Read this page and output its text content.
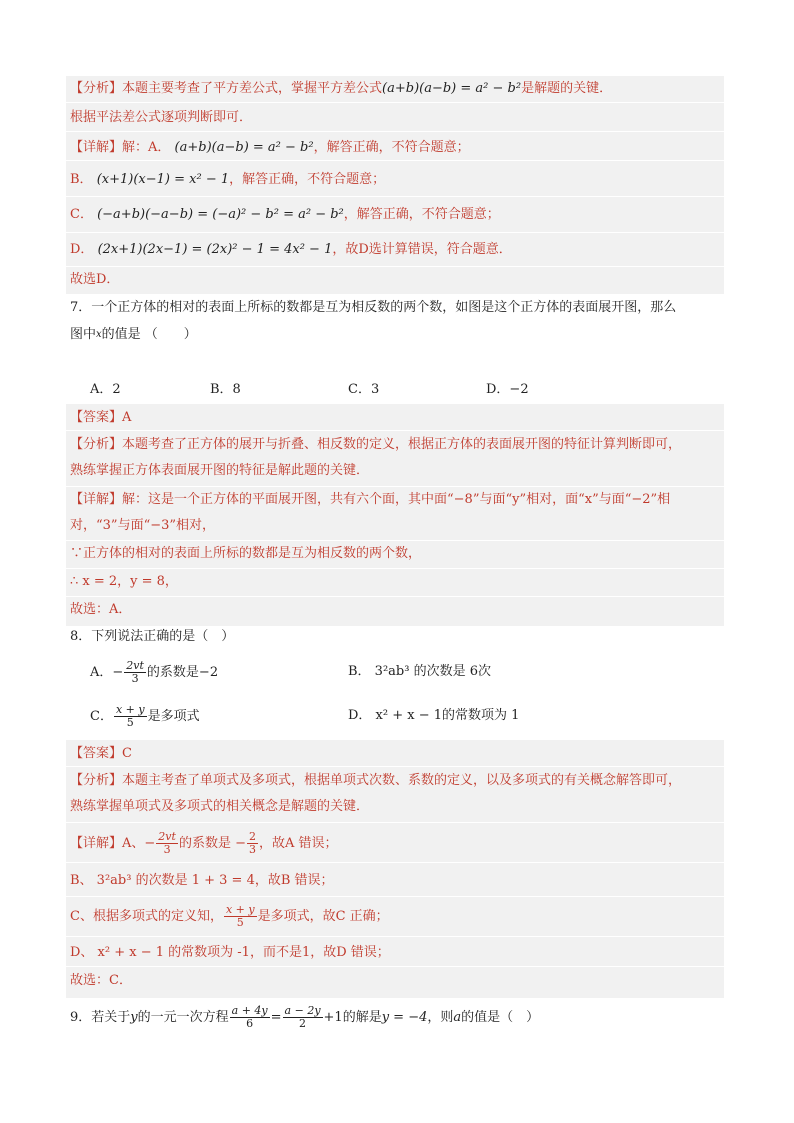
【分析】本题主要考查了平方差公式，掌握平方差公式(a+b)(a−b) = a² − b²是解题的关键．
根据平法差公式逐项判断即可．
【详解】解：A． (a+b)(a−b) = a² − b²，解答正确，不符合题意；
B． (x+1)(x−1) = x² − 1，解答正确，不符合题意；
C． (−a+b)(−a−b) = (−a)² − b² = a² − b²，解答正确，不符合题意；
D． (2x+1)(2x−1) = (2x)² − 1 = 4x² − 1，故D选计算错误，符合题意．
故选D．
7．一个正方体的相对的表面上所标的数都是互为相反数的两个数，如图是这个正方体的表面展开图，那么
图中$^x$的值是 （　　）
A．2	B．8	C．3	D．−2
【答案】A
【分析】本题考查了正方体的展开与折叠、相反数的定义，根据正方体的表面展开图的特征计算判断即可，
熟练掌握正方体表面展开图的特征是解此题的关键．
【详解】解：这是一个正方体的平面展开图，共有六个面，其中面“−8”与面“y”相对，面“x”与面“−2”相
对，“3”与面“−3”相对，
∵正方体的相对的表面上所标的数都是互为相反数的两个数，
∴ x = 2，y = 8，
故选：A．
8．下列说法正确的是（　）
A．− $\frac{2vt}{3}$ 的系数是−2	B． 3²ab³ 的次数是 6次
C． $\frac{x + y}{5}$ 是多项式	D． x² + x − 1的常数项为 1
【答案】C
【分析】本题主考查了单项式及多项式，根据单项式次数、系数的定义，以及多项式的有关概念解答即可，
熟练掌握单项式及多项式的相关概念是解题的关键．
【详解】A、− $\frac{2vt}{3}$ 的系数是 − $\frac{2}{3}$ ，故A 错误；
B、 3²ab³ 的次数是 1 + 3 = 4，故B 错误；
C、根据多项式的定义知， $\frac{x + y}{5}$ 是多项式，故C 正确；
D、 x² + x − 1 的常数项为 -1，而不是1，故D 错误；
故选：C．
9．若关于y的一元一次方程 $\frac{a + 4y}{6} = \frac{a - 2y}{2} +1$的解是y = −4，则a的值是（　）
